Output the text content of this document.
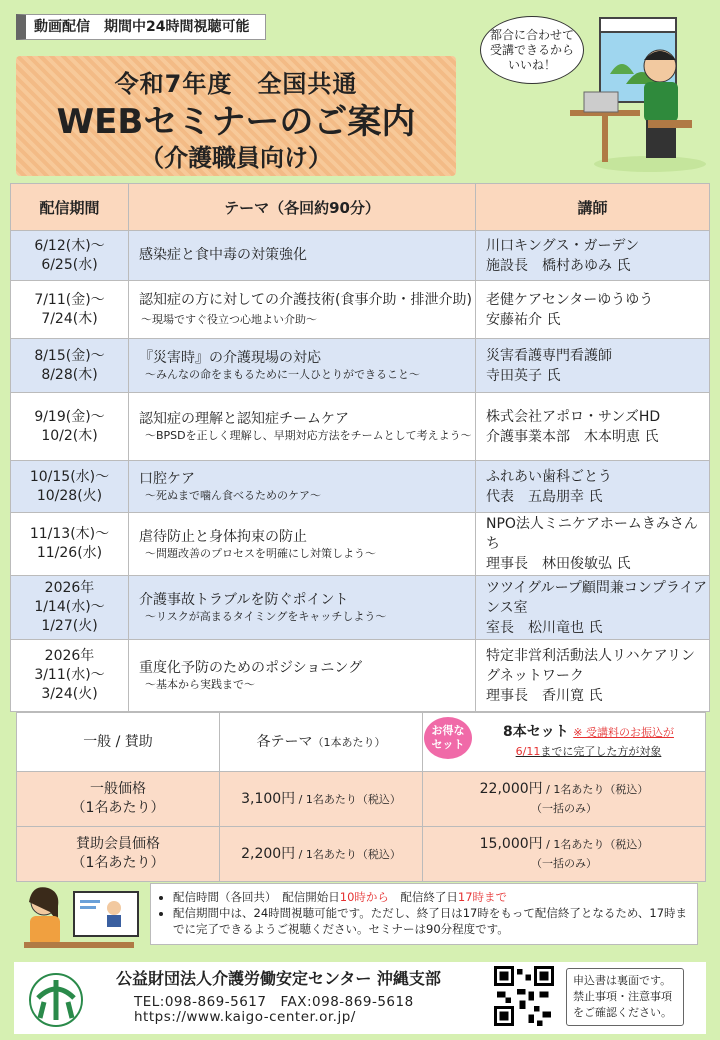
動画配信　期間中24時間視聴可能
令和7年度　全国共通
WEBセミナーのご案内
（介護職員向け）
都合に合わせて
受講できるから
いいね！
配信期間	テーマ（各回約90分）	講師
6/12(木)～
6/25(水)	感染症と食中毒の対策強化	川口キングス・ガーデン
施設長　橋村あゆみ 氏
7/11(金)～
7/24(木)	認知症の方に対しての介護技術(食事介助・排泄介助)～現場ですぐ役立つ心地よい介助～	老健ケアセンターゆうゆう
安藤祐介 氏
8/15(金)～
8/28(木)	『災害時』の介護現場の対応
～みんなの命をまもるために一人ひとりができること～	災害看護専門看護師
寺田英子 氏
9/19(金)～
10/2(木)	認知症の理解と認知症チームケア
～BPSDを正しく理解し、早期対応方法をチームとして考えよう～	株式会社アポロ・サンズHD
介護事業本部　木本明恵 氏
10/15(水)～
10/28(火)	口腔ケア
～死ぬまで噛ん食べるためのケア～	ふれあい歯科ごとう
代表　五島朋幸 氏
11/13(木)～
11/26(水)	虐待防止と身体拘束の防止
～問題改善のプロセスを明確にし対策しよう～	NPO法人ミニケアホームきみさんち
理事長　林田俊敏弘 氏
2026年
1/14(水)～
1/27(火)	介護事故トラブルを防ぐポイント
～リスクが高まるタイミングをキャッチしよう～	ツツイグループ顧問兼コンプライアンス室
室長　松川竜也 氏
2026年
3/11(水)～
3/24(火)	重度化予防のためのポジショニング
～基本から実践まで～	特定非営利活動法人リハケアリングネットワーク
理事長　香川寛 氏
一般 / 賛助	各テーマ（1本あたり）	8本セット ※ 受講料のお振込が
6/11までに完了した方が対象
一般価格
（1名あたり）	3,100円 / 1名あたり（税込）	22,000円 / 1名あたり（税込）
（一括のみ）
賛助会員価格
（1名あたり）	2,200円 / 1名あたり（税込）	15,000円 / 1名あたり（税込）
（一括のみ）
お得な
セット
• 配信時間（各回共）　配信開始日10時から　配信終了日17時まで
• 配信期間中は、24時間視聴可能です。ただし、終了日は17時をもって配信終了となるため、17時までに完了できるようご視聴ください。セミナーは90分程度です。
公益財団法人介護労働安定センター 沖縄支部
TEL:098-869-5617　FAX:098-869-5618
https://www.kaigo-center.or.jp/
申込書は裏面です。
禁止事項・注意事項
をご確認ください。
